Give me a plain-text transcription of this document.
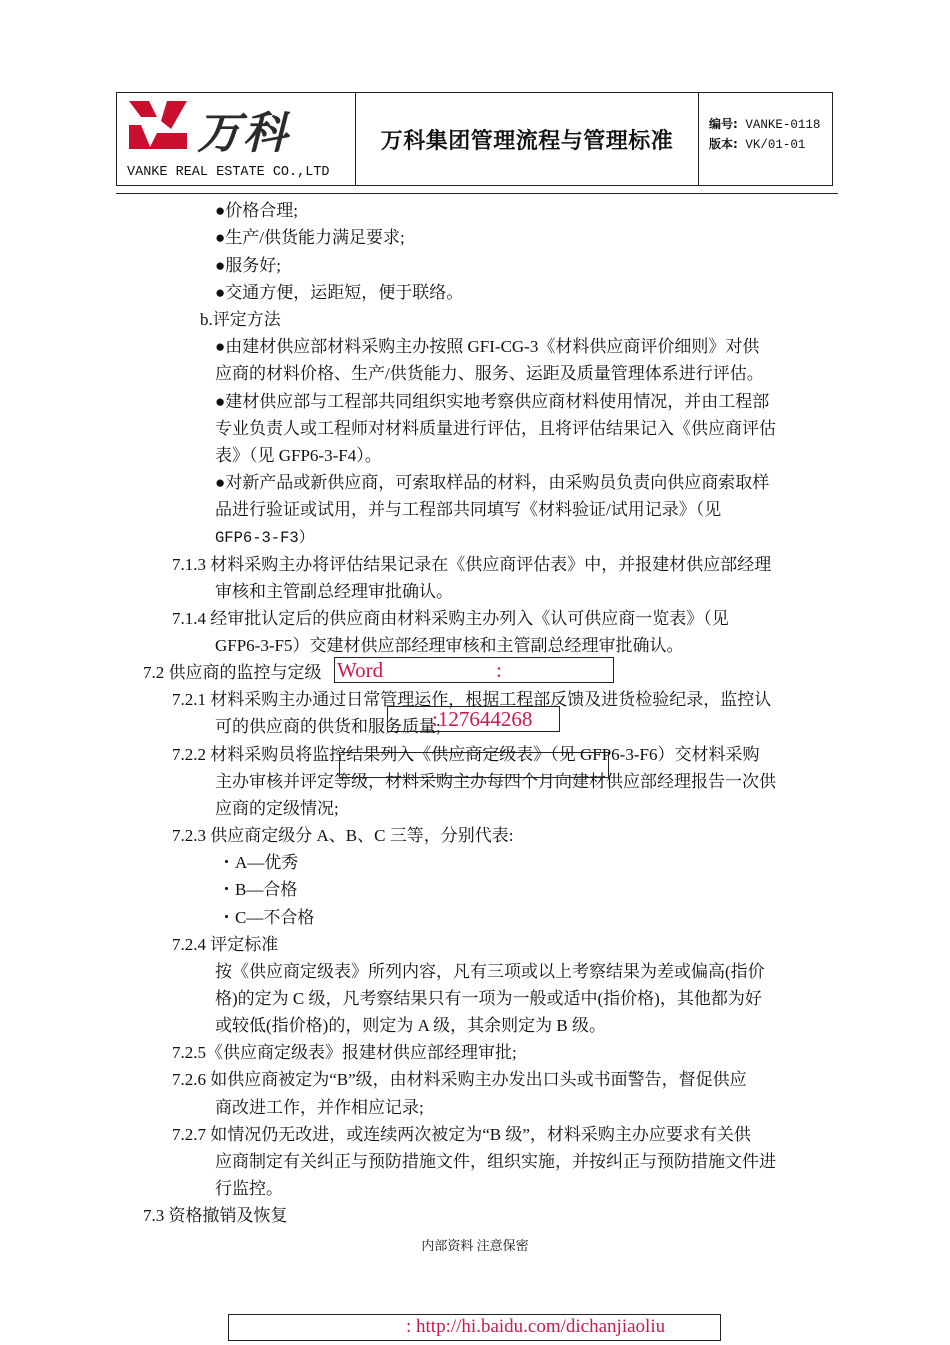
万科
VANKE REAL ESTATE CO.,LTD
万科集团管理流程与管理标准
编号: VANKE-0118
版本: VK/01-01
●价格合理;
●生产/供货能力满足要求;
●服务好;
●交通方便，运距短，便于联络。
b.评定方法
●由建材供应部材料采购主办按照 GFI-CG-3《材料供应商评价细则》对供
应商的材料价格、生产/供货能力、服务、运距及质量管理体系进行评估。
●建材供应部与工程部共同组织实地考察供应商材料使用情况，并由工程部
专业负责人或工程师对材料质量进行评估，且将评估结果记入《供应商评估
表》（见 GFP6-3-F4）。
●对新产品或新供应商，可索取样品的材料，由采购员负责向供应商索取样
品进行验证或试用，并与工程部共同填写《材料验证/试用记录》（见
GFP6-3-F3）
7.1.3 材料采购主办将评估结果记录在《供应商评估表》中，并报建材供应部经理
审核和主管副总经理审批确认。
7.1.4 经审批认定后的供应商由材料采购主办列入《认可供应商一览表》（见
GFP6-3-F5）交建材供应部经理审核和主管副总经理审批确认。
7.2 供应商的监控与定级
7.2.1 材料采购主办通过日常管理运作，根据工程部反馈及进货检验纪录，监控认
可的供应商的供货和服务质量;
7.2.2 材料采购员将监控结果列入《供应商定级表》（见 GFP6-3-F6）交材料采购
主办审核并评定等级，材料采购主办每四个月向建材供应部经理报告一次供
应商的定级情况;
7.2.3 供应商定级分 A、B、C 三等，分别代表:
・A—优秀
・B—合格
・C—不合格
7.2.4 评定标准
按《供应商定级表》所列内容，凡有三项或以上考察结果为差或偏高(指价
格)的定为 C 级，凡考察结果只有一项为一般或适中(指价格)，其他都为好
或较低(指价格)的，则定为 A 级，其余则定为 B 级。
7.2.5《供应商定级表》报建材供应部经理审批;
7.2.6 如供应商被定为“B”级，由材料采购主办发出口头或书面警告，督促供应
商改进工作，并作相应记录;
7.2.7 如情况仍无改进，或连续两次被定为“B 级”，材料采购主办应要求有关供
应商制定有关纠正与预防措施文件，组织实施，并按纠正与预防措施文件进
行监控。
7.3 资格撤销及恢复
内部资料 注意保密
Word	:
:127644268
: http://hi.baidu.com/dichanjiaoliu
